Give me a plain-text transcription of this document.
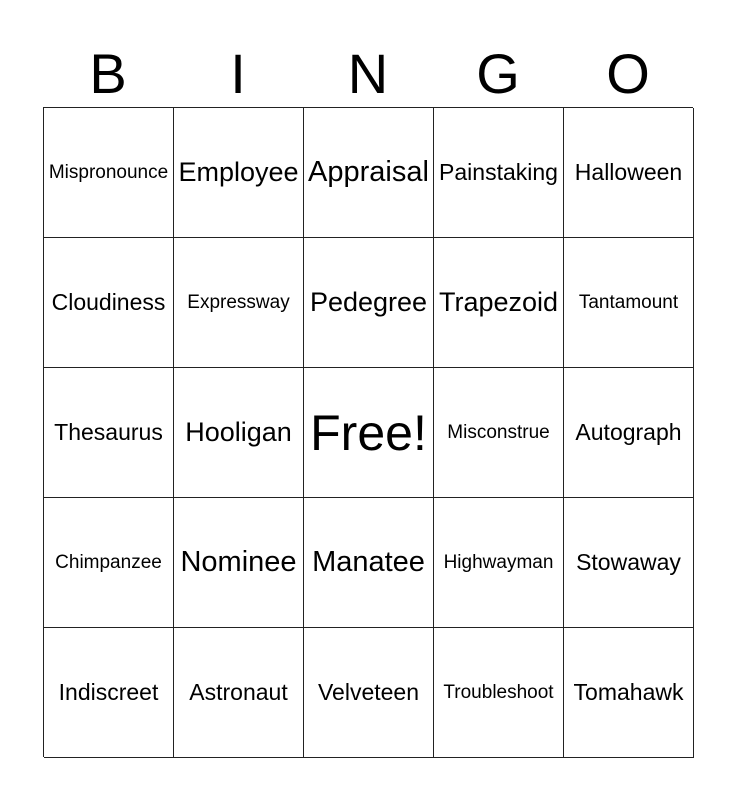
B	I	N	G	O
Mispronounce Employee Appraisal Painstaking Halloween
Cloudiness	Expressway Pedegree Trapezoid	Tantamount
Thesaurus Hooligan Free!	Misconstrue	Autograph
Chimpanzee Nominee Manatee Highwayman Stowaway
Indiscreet	Astronaut	Velveteen	Troubleshoot Tomahawk
